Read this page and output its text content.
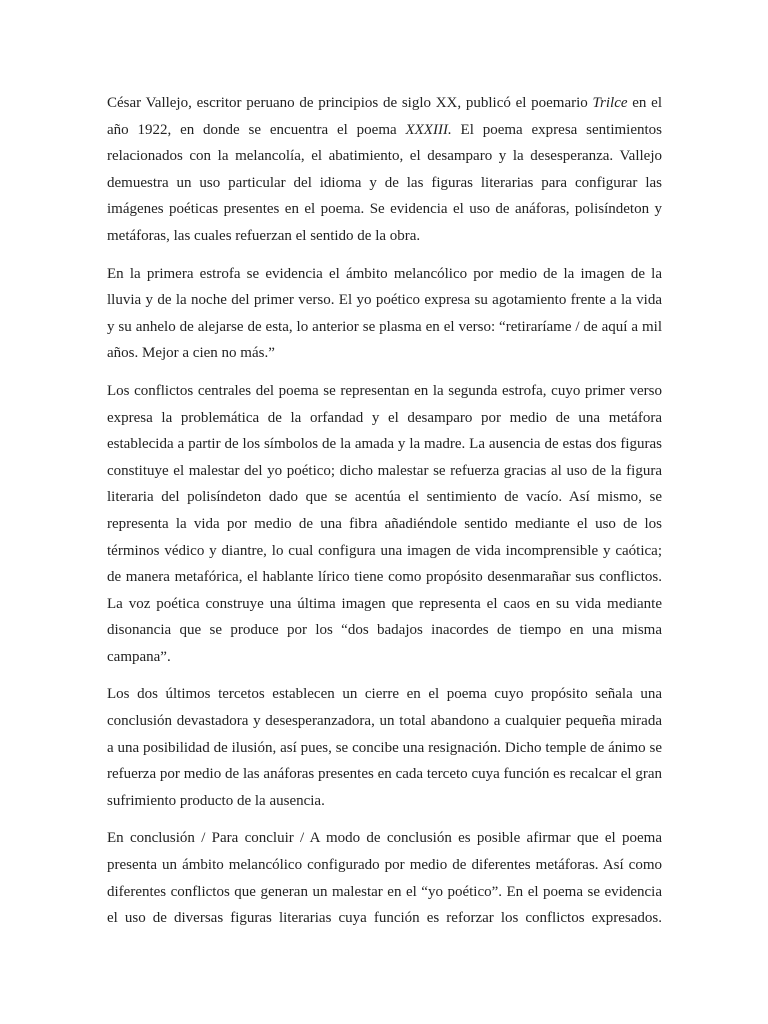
César Vallejo, escritor peruano de principios de siglo XX, publicó el poemario Trilce en el año 1922, en donde se encuentra el poema XXXIII. El poema expresa sentimientos relacionados con la melancolía, el abatimiento, el desamparo y la desesperanza. Vallejo demuestra un uso particular del idioma y de las figuras literarias para configurar las imágenes poéticas presentes en el poema. Se evidencia el uso de anáforas, polisíndeton y metáforas, las cuales refuerzan el sentido de la obra.

En la primera estrofa se evidencia el ámbito melancólico por medio de la imagen de la lluvia y de la noche del primer verso. El yo poético expresa su agotamiento frente a la vida y su anhelo de alejarse de esta, lo anterior se plasma en el verso: “retiraríame / de aquí a mil años. Mejor a cien no más.”

Los conflictos centrales del poema se representan en la segunda estrofa, cuyo primer verso expresa la problemática de la orfandad y el desamparo por medio de una metáfora establecida a partir de los símbolos de la amada y la madre. La ausencia de estas dos figuras constituye el malestar del yo poético; dicho malestar se refuerza gracias al uso de la figura literaria del polisíndeton dado que se acentúa el sentimiento de vacío. Así mismo, se representa la vida por medio de una fibra añadiéndole sentido mediante el uso de los términos védico y diantre, lo cual configura una imagen de vida incomprensible y caótica; de manera metafórica, el hablante lírico tiene como propósito desenmarañar sus conflictos. La voz poética construye una última imagen que representa el caos en su vida mediante disonancia que se produce por los “dos badajos inacordes de tiempo en una misma campana”.

Los dos últimos tercetos establecen un cierre en el poema cuyo propósito señala una conclusión devastadora y desesperanzadora, un total abandono a cualquier pequeña mirada a una posibilidad de ilusión, así pues, se concibe una resignación. Dicho temple de ánimo se refuerza por medio de las anáforas presentes en cada terceto cuya función es recalcar el gran sufrimiento producto de la ausencia.

En conclusión / Para concluir / A modo de conclusión es posible afirmar que el poema presenta un ámbito melancólico configurado por medio de diferentes metáforas. Así como diferentes conflictos que generan un malestar en el “yo poético”. En el poema se evidencia el uso de diversas figuras literarias cuya función es reforzar los conflictos expresados.
